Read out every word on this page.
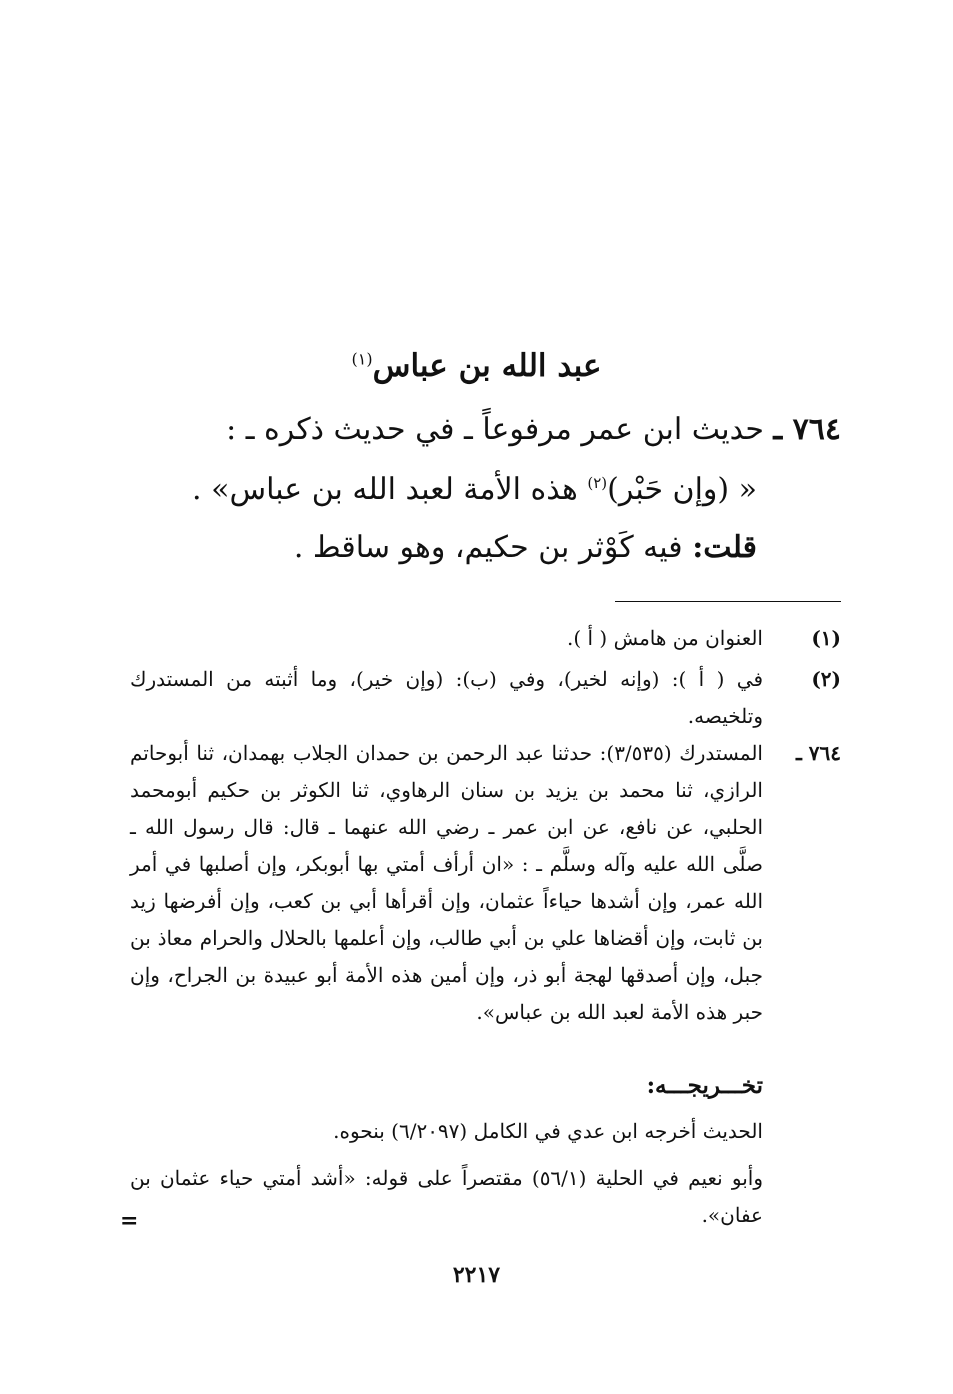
عبد الله بن عباس$^{(١)}$
٧٦٤ ـ حديث ابن عمر مرفوعاً ـ في حديث ذكره ـ :
« (وإن حَبْر)$^{(٢)}$ هذه الأمة لعبد الله بن عباس» .
قلت: فيه كَوْثر بن حكيم، وهو ساقط .
(١)
العنوان من هامش ( أ ).
(٢)
في ( أ ): (وإنه لخير)، وفي (ب): (وإن خير)، وما أثبته من المستدرك وتلخيصه.
٧٦٤ ـ
المستدرك (٣/٥٣٥): حدثنا عبد الرحمن بن حمدان الجلاب بهمدان، ثنا أبوحاتم الرازي، ثنا محمد بن يزيد بن سنان الرهاوي، ثنا الكوثر بن حكيم أبومحمد الحلبي، عن نافع، عن ابن عمر ـ رضي الله عنهما ـ قال: قال رسول الله ـ صلَّى الله عليه وآله وسلَّم ـ : «ان أرأف أمتي بها أبوبكر، وإن أصلبها في أمر الله عمر، وإن أشدها حياءاً عثمان، وإن أقرأها أبي بن كعب، وإن أفرضها زيد بن ثابت، وإن أقضاها علي بن أبي طالب، وإن أعلمها بالحلال والحرام معاذ بن جبل، وإن أصدقها لهجة أبو ذر، وإن أمين هذه الأمة أبو عبيدة بن الجراح، وإن حبر هذه الأمة لعبد الله بن عباس».
تخـــريجـــه:
الحديث أخرجه ابن عدي في الكامل (٦/٢٠٩٧) بنحوه.
وأبو نعيم في الحلية (٥٦/١) مقتصراً على قوله: «أشد أمتي حياء عثمان بن عفان».
=
٢٢١٧
